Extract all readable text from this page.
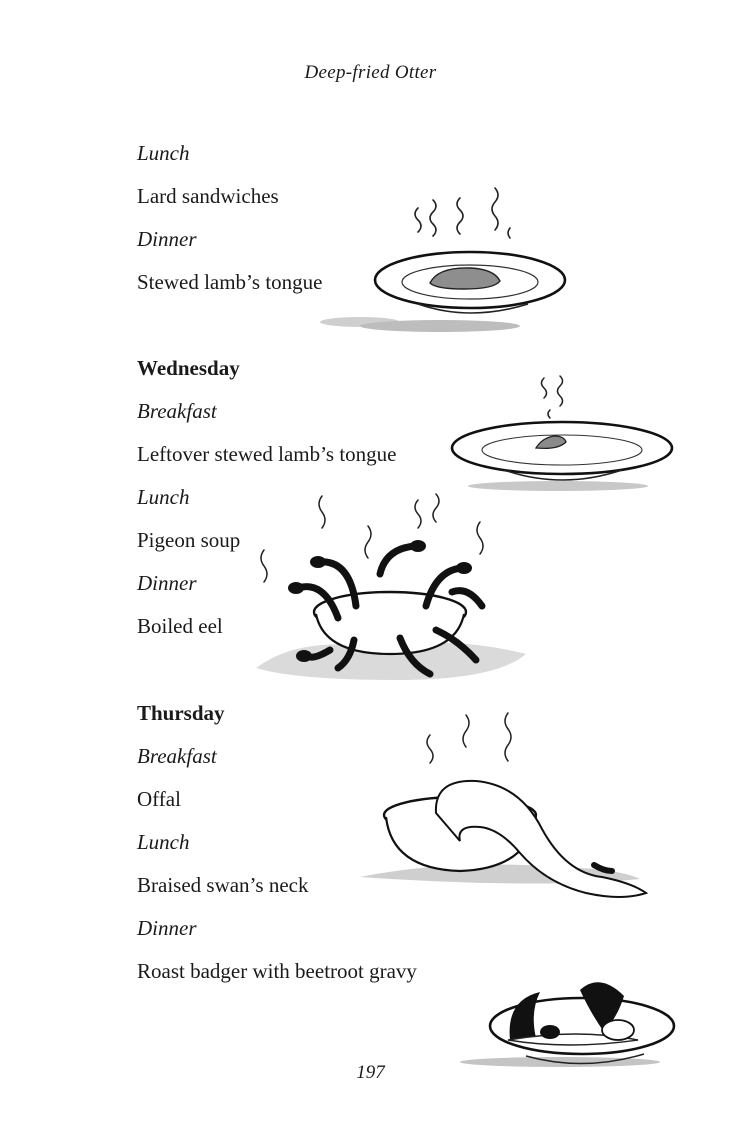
Deep-fried Otter
Lunch
Lard sandwiches
Dinner
Stewed lamb’s tongue
Wednesday
Breakfast
Leftover stewed lamb’s tongue
Lunch
Pigeon soup
Dinner
Boiled eel
Thursday
Breakfast
Offal
Lunch
Braised swan’s neck
Dinner
Roast badger with beetroot gravy
197
